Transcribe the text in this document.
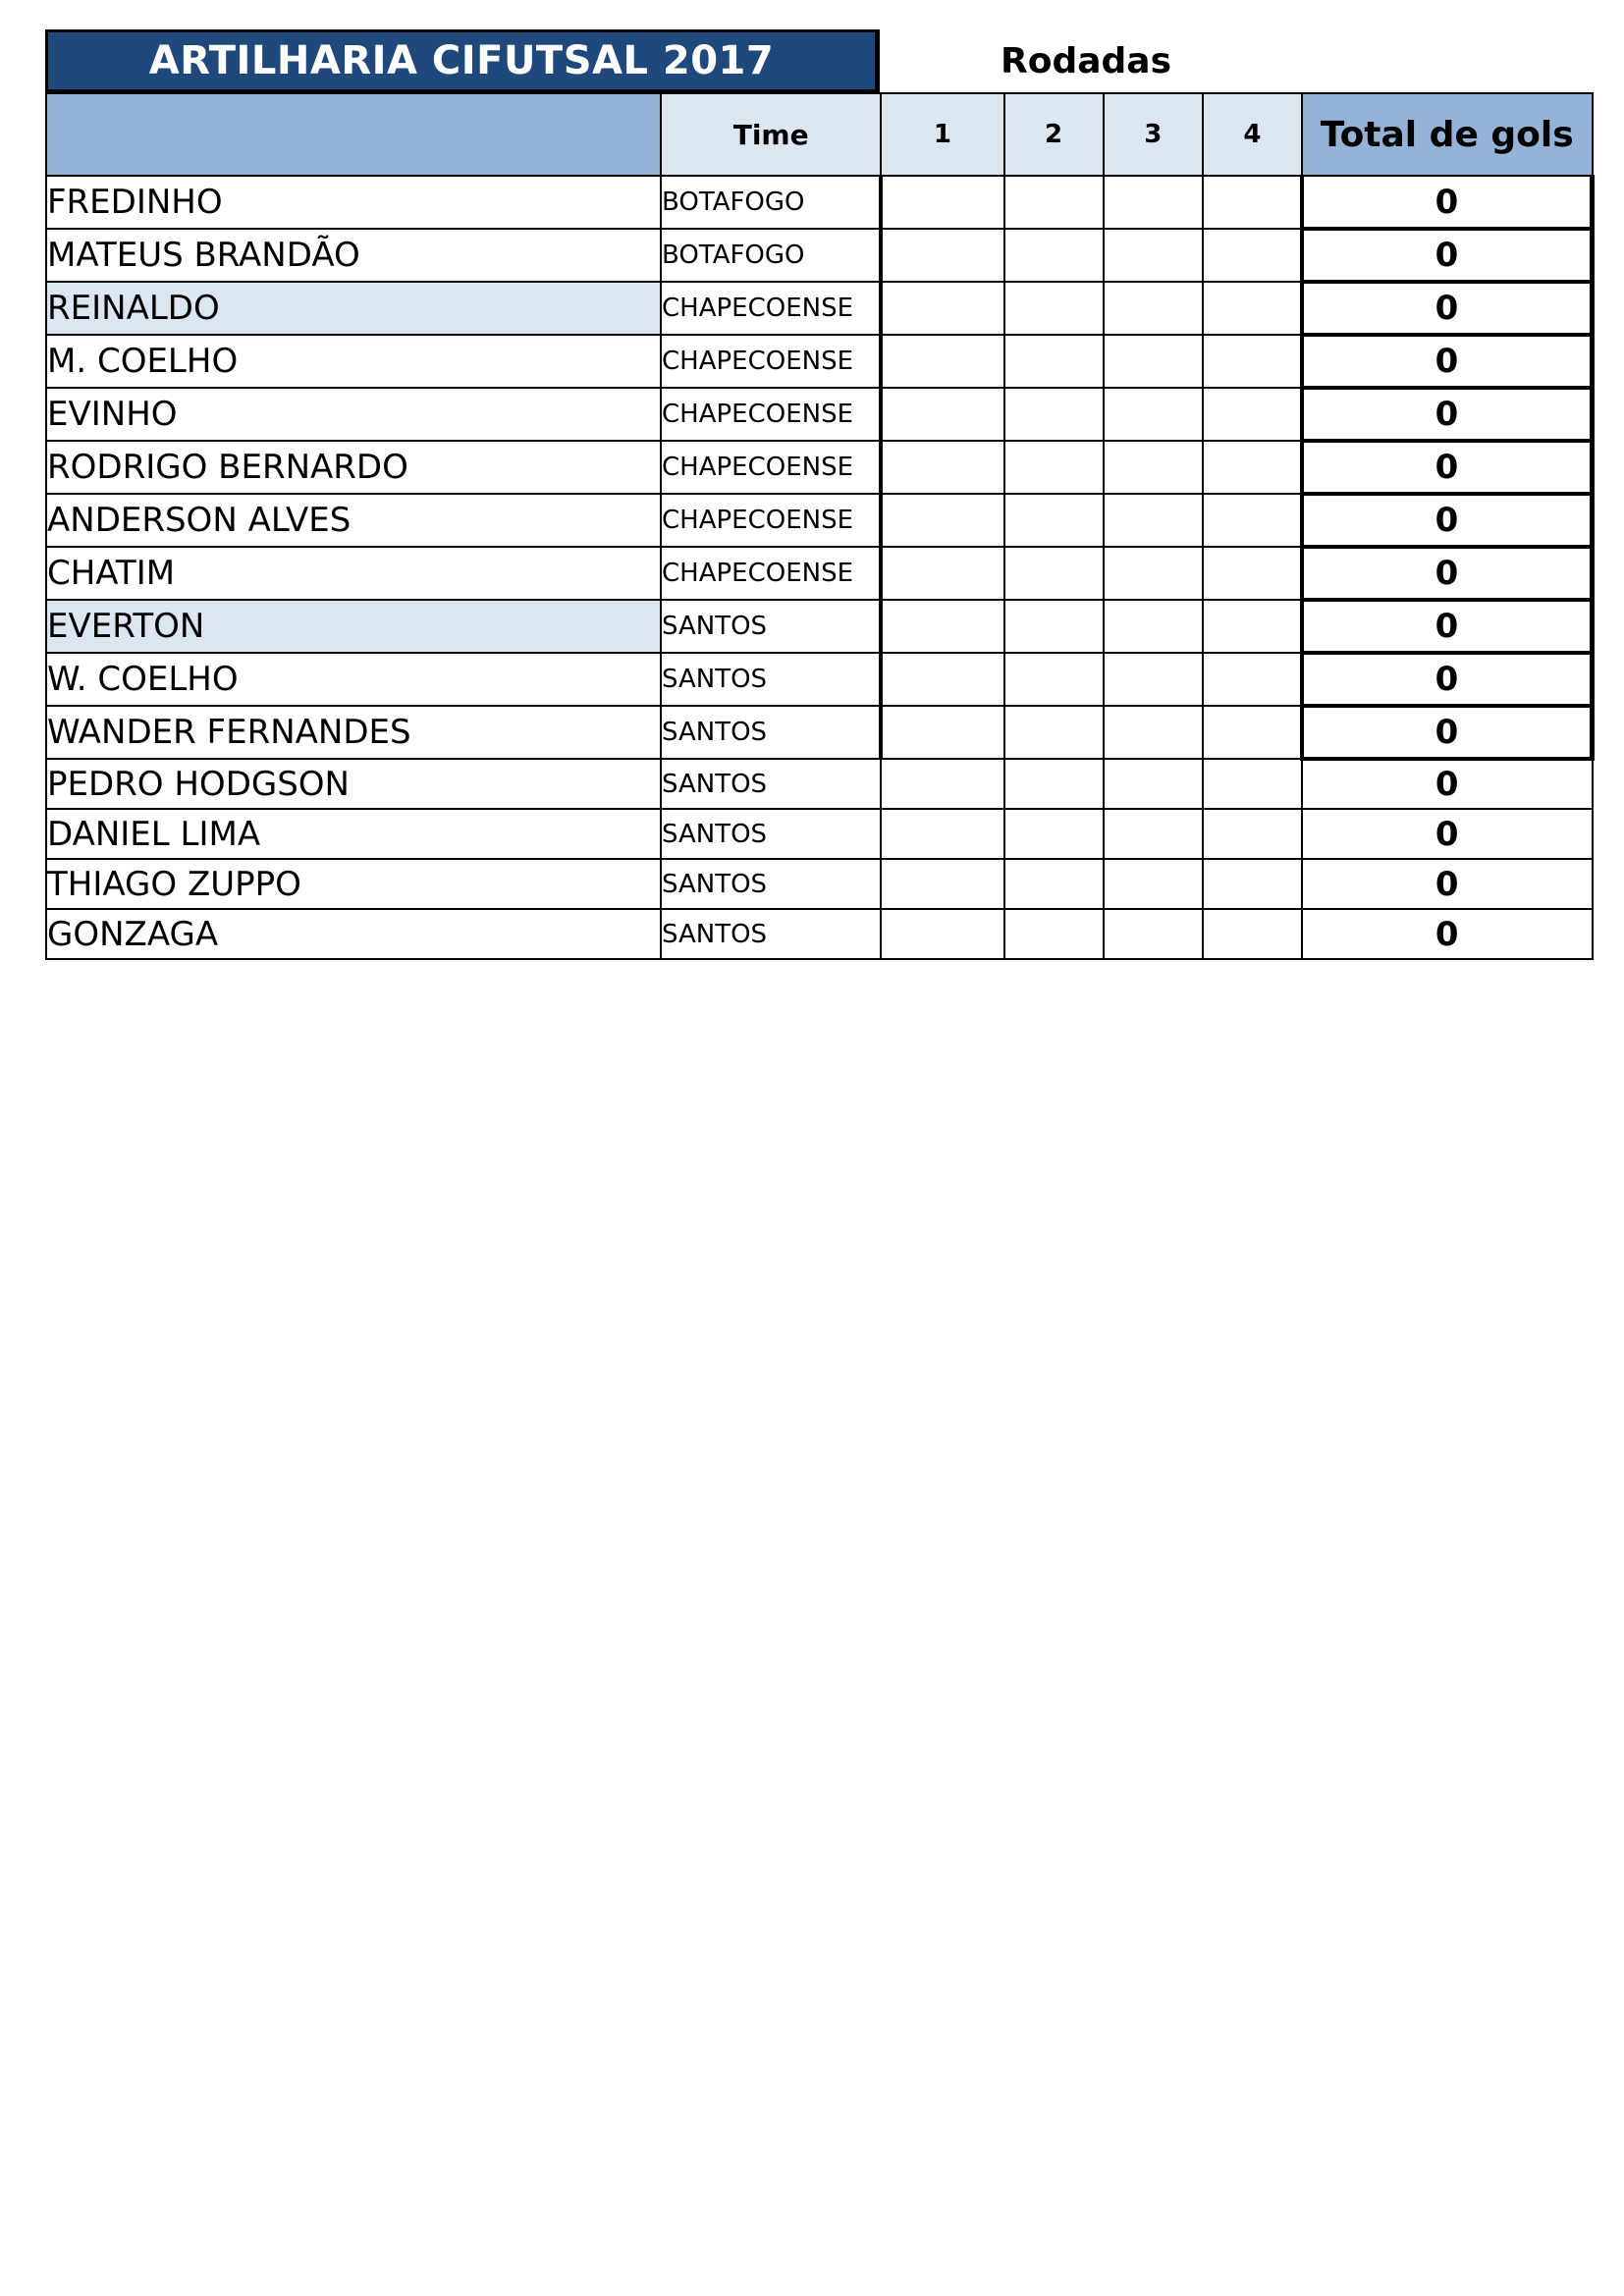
ARTILHARIA CIFUTSAL 2017	Rodadas
	Time	1	2	3	4	Total de gols
FREDINHO	BOTAFOGO					0
MATEUS BRANDÃO	BOTAFOGO					0
REINALDO	CHAPECOENSE					0
M. COELHO	CHAPECOENSE					0
EVINHO	CHAPECOENSE					0
RODRIGO BERNARDO	CHAPECOENSE					0
ANDERSON ALVES	CHAPECOENSE					0
CHATIM	CHAPECOENSE					0
EVERTON	SANTOS					0
W. COELHO	SANTOS					0
WANDER FERNANDES	SANTOS					0
PEDRO HODGSON	SANTOS					0
DANIEL LIMA	SANTOS					0
THIAGO ZUPPO	SANTOS					0
GONZAGA	SANTOS					0
